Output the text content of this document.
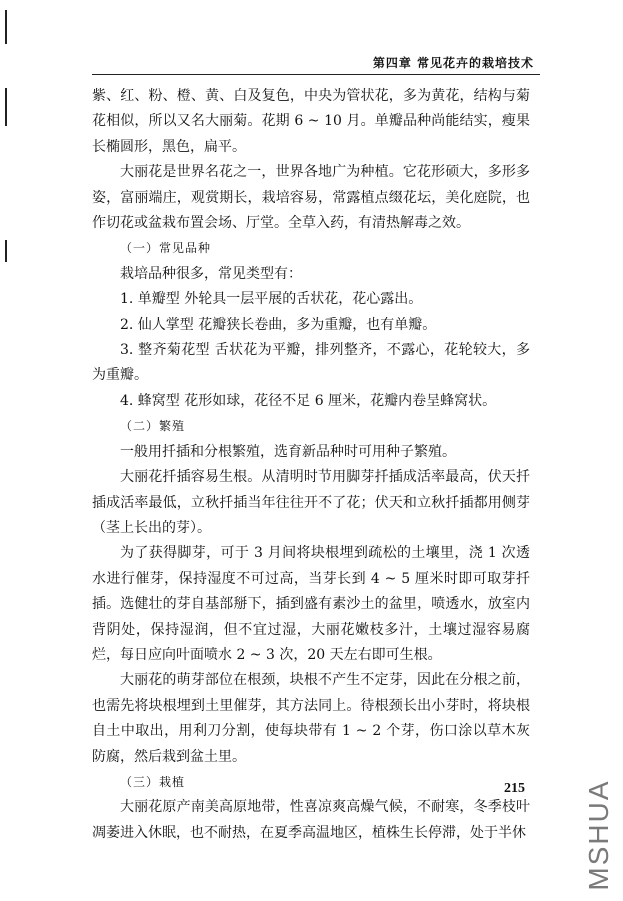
第四章 常见花卉的栽培技术

紫、红、粉、橙、黄、白及复色，中央为管状花，多为黄花，结构与菊花相似，所以又名大丽菊。花期 6 ~ 10 月。单瓣品种尚能结实，瘦果长椭圆形，黑色，扁平。

大丽花是世界名花之一，世界各地广为种植。它花形硕大，多形多姿，富丽端庄，观赏期长，栽培容易，常露植点缀花坛，美化庭院，也作切花或盆栽布置会场、厅堂。全草入药，有清热解毒之效。

（一）常见品种

栽培品种很多，常见类型有：

1. 单瓣型 外轮具一层平展的舌状花，花心露出。

2. 仙人掌型 花瓣狭长卷曲，多为重瓣，也有单瓣。

3. 整齐菊花型 舌状花为平瓣，排列整齐，不露心，花轮较大，多为重瓣。

4. 蜂窝型 花形如球，花径不足 6 厘米，花瓣内卷呈蜂窝状。

（二）繁殖

一般用扦插和分根繁殖，选育新品种时可用种子繁殖。

大丽花扦插容易生根。从清明时节用脚芽扦插成活率最高，伏天扦插成活率最低，立秋扦插当年往往开不了花；伏天和立秋扦插都用侧芽（茎上长出的芽）。

为了获得脚芽，可于 3 月间将块根埋到疏松的土壤里，浇 1 次透水进行催芽，保持湿度不可过高，当芽长到 4 ~ 5 厘米时即可取芽扦插。选健壮的芽自基部掰下，插到盛有素沙土的盆里，喷透水，放室内背阴处，保持湿润，但不宜过湿，大丽花嫩枝多汁，土壤过湿容易腐烂，每日应向叶面喷水 2 ~ 3 次，20 天左右即可生根。

大丽花的萌芽部位在根颈，块根不产生不定芽，因此在分根之前，也需先将块根埋到土里催芽，其方法同上。待根颈长出小芽时，将块根自土中取出，用利刀分割，使每块带有 1 ~ 2 个芽，伤口涂以草木灰防腐，然后栽到盆土里。

（三）栽植

大丽花原产南美高原地带，性喜凉爽高燥气候，不耐寒，冬季枝叶凋萎进入休眠，也不耐热，在夏季高温地区，植株生长停滞，处于半休

215 MSHUA
